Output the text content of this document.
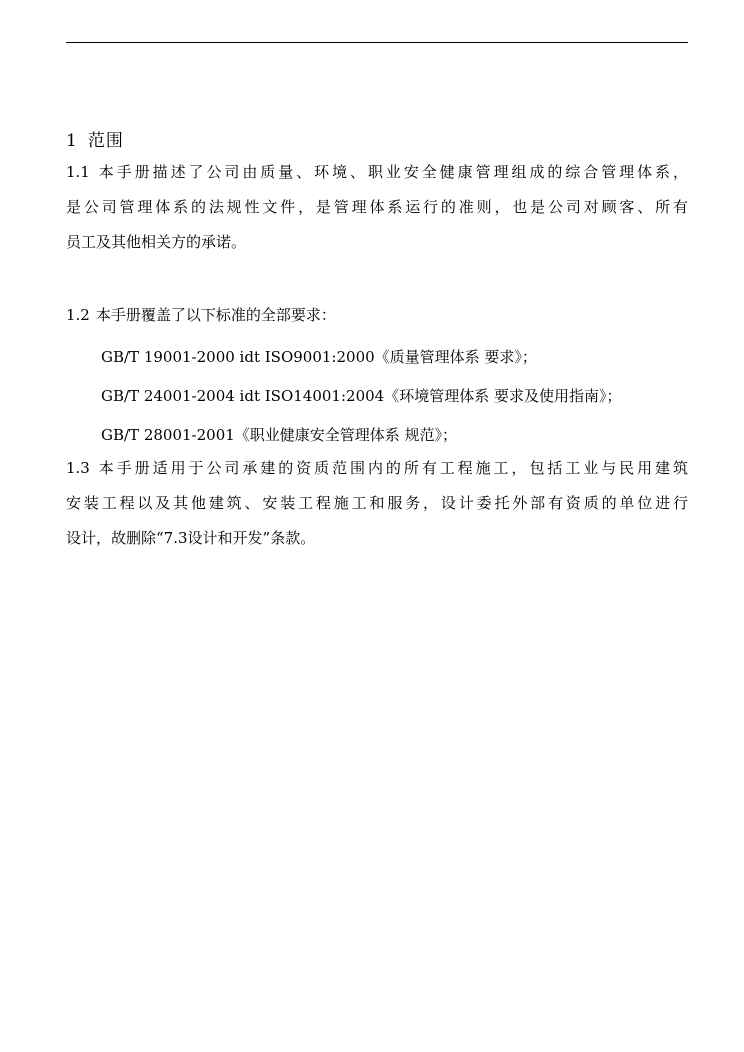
1 范围
1.1 本手册描述了公司由质量、环境、职业安全健康管理组成的综合管理体系，
是公司管理体系的法规性文件，是管理体系运行的准则，也是公司对顾客、所有
员工及其他相关方的承诺。
1.2 本手册覆盖了以下标准的全部要求：
GB/T 19001-2000 idt ISO9001:2000《质量管理体系 要求》；
GB/T 24001-2004 idt ISO14001:2004《环境管理体系 要求及使用指南》；
GB/T 28001-2001《职业健康安全管理体系 规范》；
1.3 本手册适用于公司承建的资质范围内的所有工程施工，包括工业与民用建筑
安装工程以及其他建筑、安装工程施工和服务，设计委托外部有资质的单位进行
设计，故删除“7.3设计和开发”条款。
